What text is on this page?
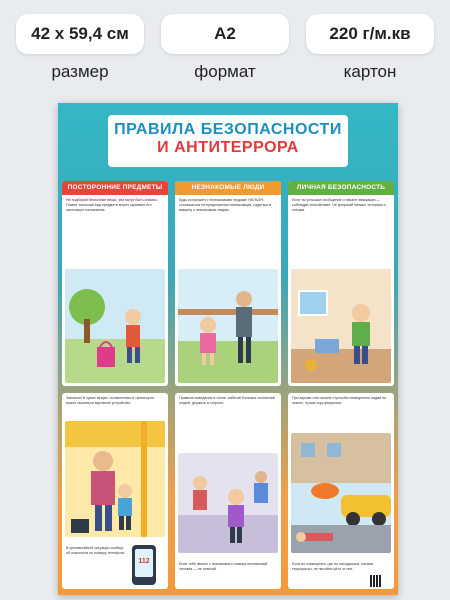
42 x 59,4 см
размер
A2
формат
220 г/м.кв
картон
ПРАВИЛА БЕЗОПАСНОСТИ
И АНТИТЕРРОРА
ПОСТОРОННИЕ ПРЕДМЕТЫ
Не подбирай бесхозные вещи, они могут быть опасны. Помни: внешний вид предмета может скрывать его настоящее назначение.
НЕЗНАКОМЫЕ ЛЮДИ
Будь осторожен с незнакомыми людьми! НЕЛЬЗЯ: соглашаться на предложения незнакомцев, садиться в машину к незнакомым людям.
ЛИЧНАЯ БЕЗОПАСНОСТЬ
Если ты услышал сообщение о начале эвакуации — соблюдай спокойствие. Не допускай паники, истерики и спешки.
Запомни! В чужих вещах, оставленных в транспорте, может оказаться взрывное устройство.
В чрезвычайной ситуации сообщи об опасности по номеру телефона:
112
Правила поведения в толпе: избегай больших скоплений людей, держись в стороне.
Если тебе звонит с незнакомого номера незнакомый человек — не отвечай.
При взрыве или начале стрельбы немедленно падай на землю, лучше под прикрытие.
Если во помещении, где ты находишься, начали террористы, не пытайся уйти от них.
